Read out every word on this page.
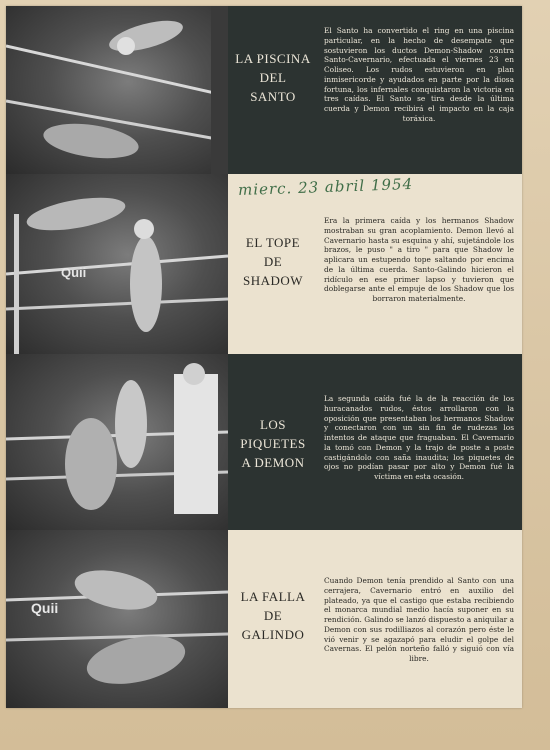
LA PISCINA
DEL
SANTO
El Santo ha convertido el ring en una piscina particular, en la hecho de desempate que sostuvieron los ductos Demon-Shadow contra Santo-Cavernario, efectuada el viernes 23 en Coliseo. Los rudos estuvieron en plan inmisericorde y ayudados en parte por la diosa fortuna, los infernales conquistaron la victoria en tres caídas. El Santo se tira desde la última cuerda y Demon recibirá el impacto en la caja toráxica.
Quii
EL TOPE
DE
SHADOW
Era la primera caída y los hermanos Shadow mostraban su gran acoplamiento. Demon llevó al Cavernario hasta su esquina y ahí, sujetándole los brazos, le puso " a tiro " para que Shadow le aplicara un estupendo tope saltando por encima de la última cuerda. Santo-Galindo hicieron el ridículo en ese primer lapso y tuvieron que doblegarse ante el empuje de los Shadow que los borraron materialmente.
LOS
PIQUETES
A DEMON
La segunda caída fué la de la reacción de los huracanados rudos, éstos arrollaron con la oposición que presentaban los hermanos Shadow y conectaron con un sin fin de rudezas los intentos de ataque que fraguaban. El Cavernario la tomó con Demon y la trajo de poste a poste castigándolo con saña inaudita; los piquetes de ojos no podían pasar por alto y Demon fué la víctima en esta ocasión.
Quii
LA FALLA
DE
GALINDO
Cuando Demon tenía prendido al Santo con una cerrajera, Cavernario entró en auxilio del plateado, ya que el castigo que estaba recibiendo el monarca mundial medio hacía suponer en su rendición. Galindo se lanzó dispuesto a aniquilar a Demon con sus rodilliazos al corazón pero éste le vió venir y se agazapó para eludir el golpe del Cavernas. El pelón norteño falló y siguió con vía libre.
mierc. 23 abril 1954
